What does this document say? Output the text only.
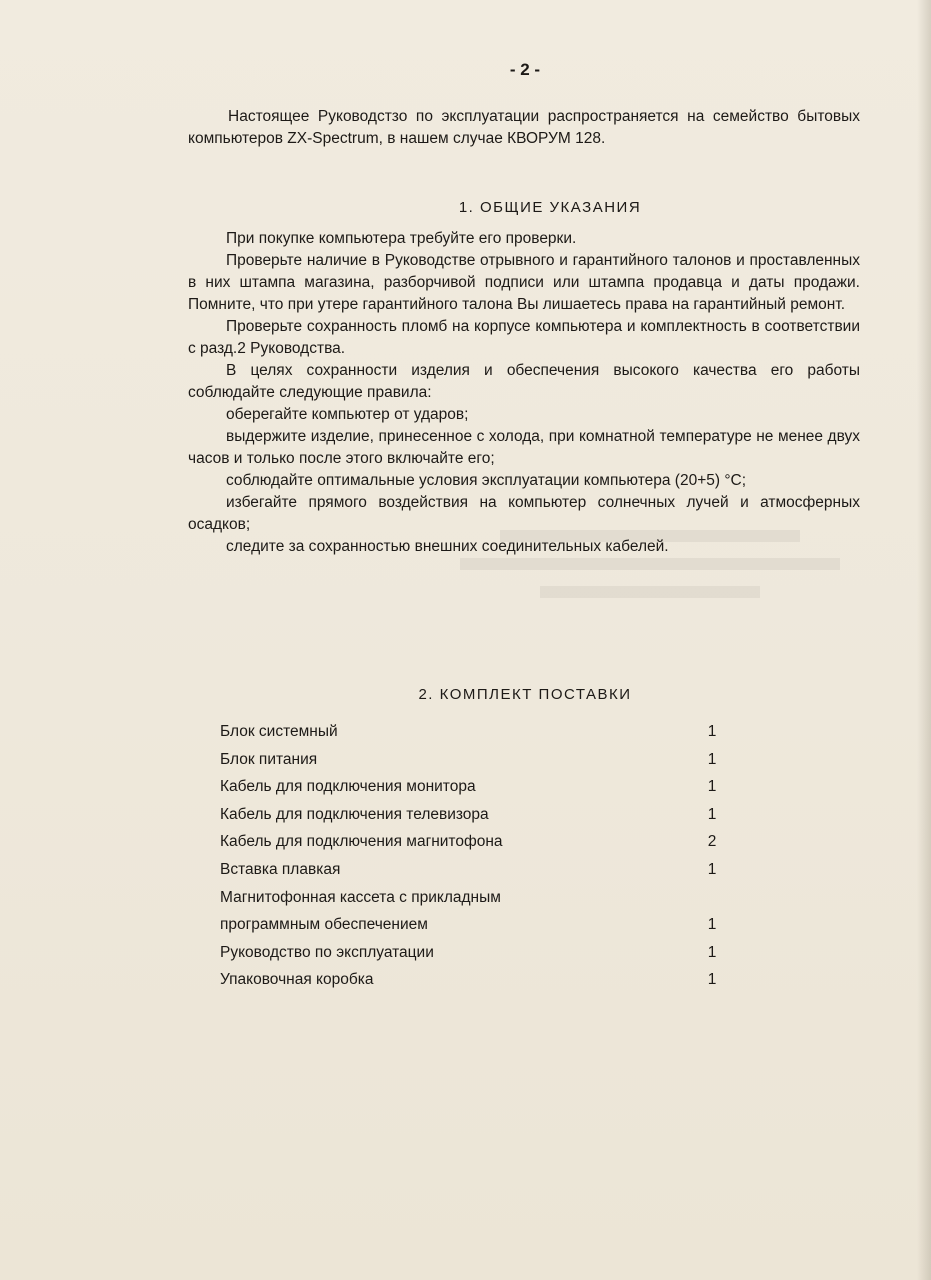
- 2 -
Настоящее Руководстзо по эксплуатации распространяется на семейство бытовых компьютеров ZX-Spectrum, в нашем случае КВОРУМ 128.
1. ОБЩИЕ УКАЗАНИЯ

При покупке компьютера требуйте его проверки.

Проверьте наличие в Руководстве отрывного и гарантийного талонов и проставленных в них штампа магазина, разборчивой подписи или штампа продавца и даты продажи. Помните, что при утере гарантийного талона Вы лишаетесь права на гарантийный ремонт.

Проверьте сохранность пломб на корпусе компьютера и комплектность в соответствии с разд.2 Руководства.

В целях сохранности изделия и обеспечения высокого качества его работы соблюдайте следующие правила:

оберегайте компьютер от ударов;

выдержите изделие, принесенное с холода, при комнатной температуре не менее двух часов и только после этого включайте его;

соблюдайте оптимальные условия эксплуатации компьютера (20+5) °С;

избегайте прямого воздействия на компьютер солнечных лучей и атмосферных осадков;

следите за сохранностью внешних соединительных кабелей.

2. КОМПЛЕКТ ПОСТАВКИ
Блок системный	1
Блок питания	1
Кабель для подключения монитора	1
Кабель для подключения телевизора	1
Кабель для подключения магнитофона	2
Вставка плавкая	1
Магнитофонная кассета с прикладным
программным обеспечением	1
Руководство по эксплуатации	1
Упаковочная коробка	1
